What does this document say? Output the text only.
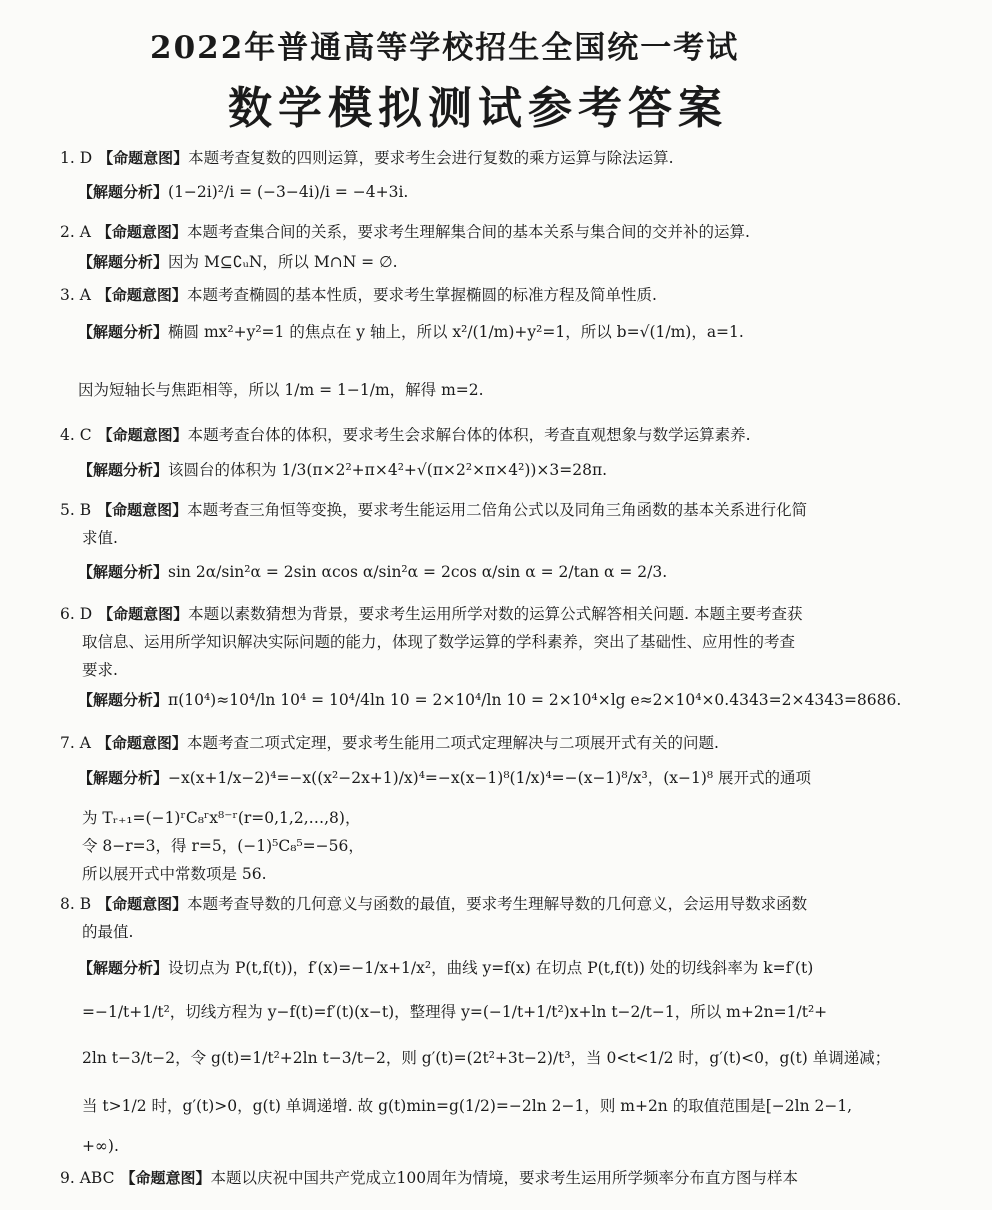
2022年普通高等学校招生全国统一考试
数学模拟测试参考答案
1. D 【命题意图】本题考查复数的四则运算，要求考生会进行复数的乘方运算与除法运算.
【解题分析】(1−2i)²/i = (−3−4i)/i = −4+3i.
2. A 【命题意图】本题考查集合间的关系，要求考生理解集合间的基本关系与集合间的交并补的运算.
【解题分析】因为 M⊆∁ᵤN，所以 M∩N = ∅.
3. A 【命题意图】本题考查椭圆的基本性质，要求考生掌握椭圆的标准方程及简单性质.
【解题分析】椭圆 mx²+y²=1 的焦点在 y 轴上，所以 x²/(1/m)+y²=1，所以 b=√(1/m)，a=1.
因为短轴长与焦距相等，所以 1/m = 1−1/m，解得 m=2.
4. C 【命题意图】本题考查台体的体积，要求考生会求解台体的体积，考查直观想象与数学运算素养.
【解题分析】该圆台的体积为 1/3(π×2²+π×4²+√(π×2²×π×4²))×3=28π.
5. B 【命题意图】本题考查三角恒等变换，要求考生能运用二倍角公式以及同角三角函数的基本关系进行化简
求值.
【解题分析】sin 2α/sin²α = 2sin αcos α/sin²α = 2cos α/sin α = 2/tan α = 2/3.
6. D 【命题意图】本题以素数猜想为背景，要求考生运用所学对数的运算公式解答相关问题. 本题主要考查获
取信息、运用所学知识解决实际问题的能力，体现了数学运算的学科素养，突出了基础性、应用性的考查
要求.
【解题分析】π(10⁴)≈10⁴/ln 10⁴ = 10⁴/4ln 10 = 2×10⁴/ln 10 = 2×10⁴×lg e≈2×10⁴×0.4343=2×4343=8686.
7. A 【命题意图】本题考查二项式定理，要求考生能用二项式定理解决与二项展开式有关的问题.
【解题分析】−x(x+1/x−2)⁴=−x((x²−2x+1)/x)⁴=−x(x−1)⁸(1/x)⁴=−(x−1)⁸/x³，(x−1)⁸ 展开式的通项
为 Tᵣ₊₁=(−1)ʳC₈ʳx⁸⁻ʳ(r=0,1,2,…,8)，
令 8−r=3，得 r=5，(−1)⁵C₈⁵=−56，
所以展开式中常数项是 56.
8. B 【命题意图】本题考查导数的几何意义与函数的最值，要求考生理解导数的几何意义，会运用导数求函数
的最值.
【解题分析】设切点为 P(t,f(t))，f′(x)=−1/x+1/x²，曲线 y=f(x) 在切点 P(t,f(t)) 处的切线斜率为 k=f′(t)
=−1/t+1/t²，切线方程为 y−f(t)=f′(t)(x−t)，整理得 y=(−1/t+1/t²)x+ln t−2/t−1，所以 m+2n=1/t²+
2ln t−3/t−2，令 g(t)=1/t²+2ln t−3/t−2，则 g′(t)=(2t²+3t−2)/t³，当 0<t<1/2 时，g′(t)<0，g(t) 单调递减；
当 t>1/2 时，g′(t)>0，g(t) 单调递增. 故 g(t)min=g(1/2)=−2ln 2−1，则 m+2n 的取值范围是[−2ln 2−1,
+∞).
9. ABC 【命题意图】本题以庆祝中国共产党成立100周年为情境，要求考生运用所学频率分布直方图与样本
